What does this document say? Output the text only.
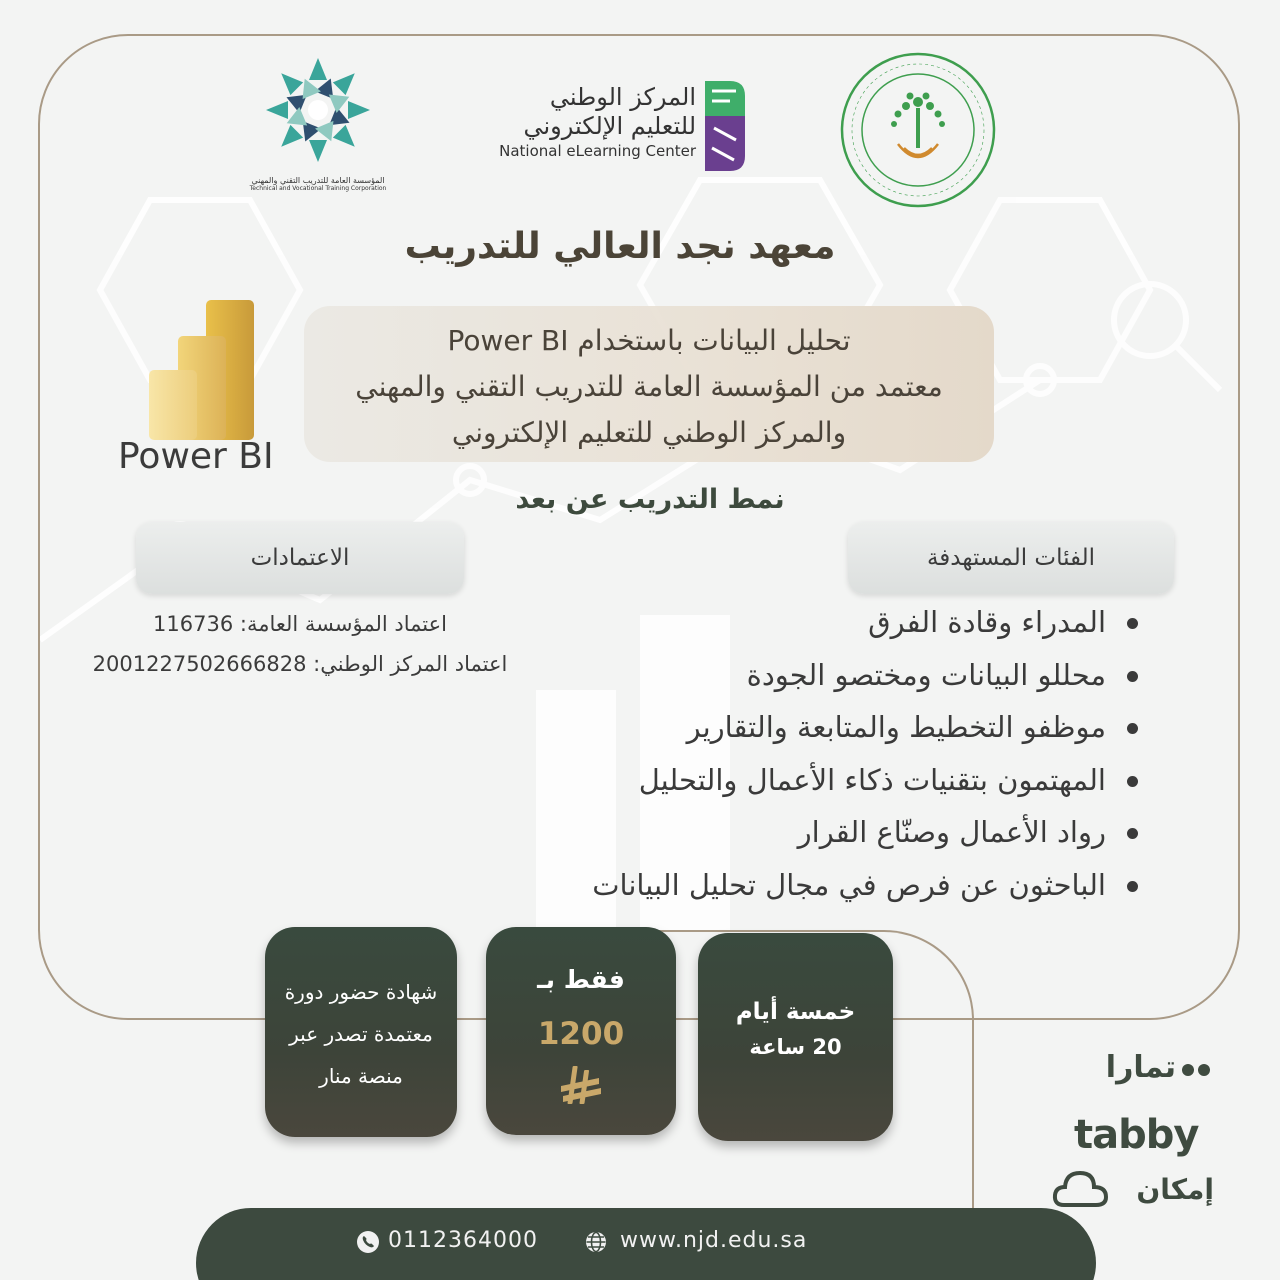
المؤسسة العامة للتدريب التقني والمهني
Technical and Vocational Training Corporation
المركز الوطني
للتعليم الإلكتروني
National eLearning Center
معهد نجد العالي للتدريب
تحليل البيانات باستخدام Power BI
معتمد من المؤسسة العامة للتدريب التقني والمهني
والمركز الوطني للتعليم الإلكتروني
Power BI
نمط التدريب عن بعد
الاعتمادات
اعتماد المؤسسة العامة: 116736
اعتماد المركز الوطني: 2001227502666828
الفئات المستهدفة
المدراء وقادة الفرق
محللو البيانات ومختصو الجودة
موظفو التخطيط والمتابعة والتقارير
المهتمون بتقنيات ذكاء الأعمال والتحليل
رواد الأعمال وصنّاع القرار
الباحثون عن فرص في مجال تحليل البيانات
شهادة حضور دورة
معتمدة تصدر عبر
منصة منار
فقط بـ
1200
خمسة أيام
20 ساعة
تمارا
tabby
إمكان
www.njd.edu.sa
0112364000
